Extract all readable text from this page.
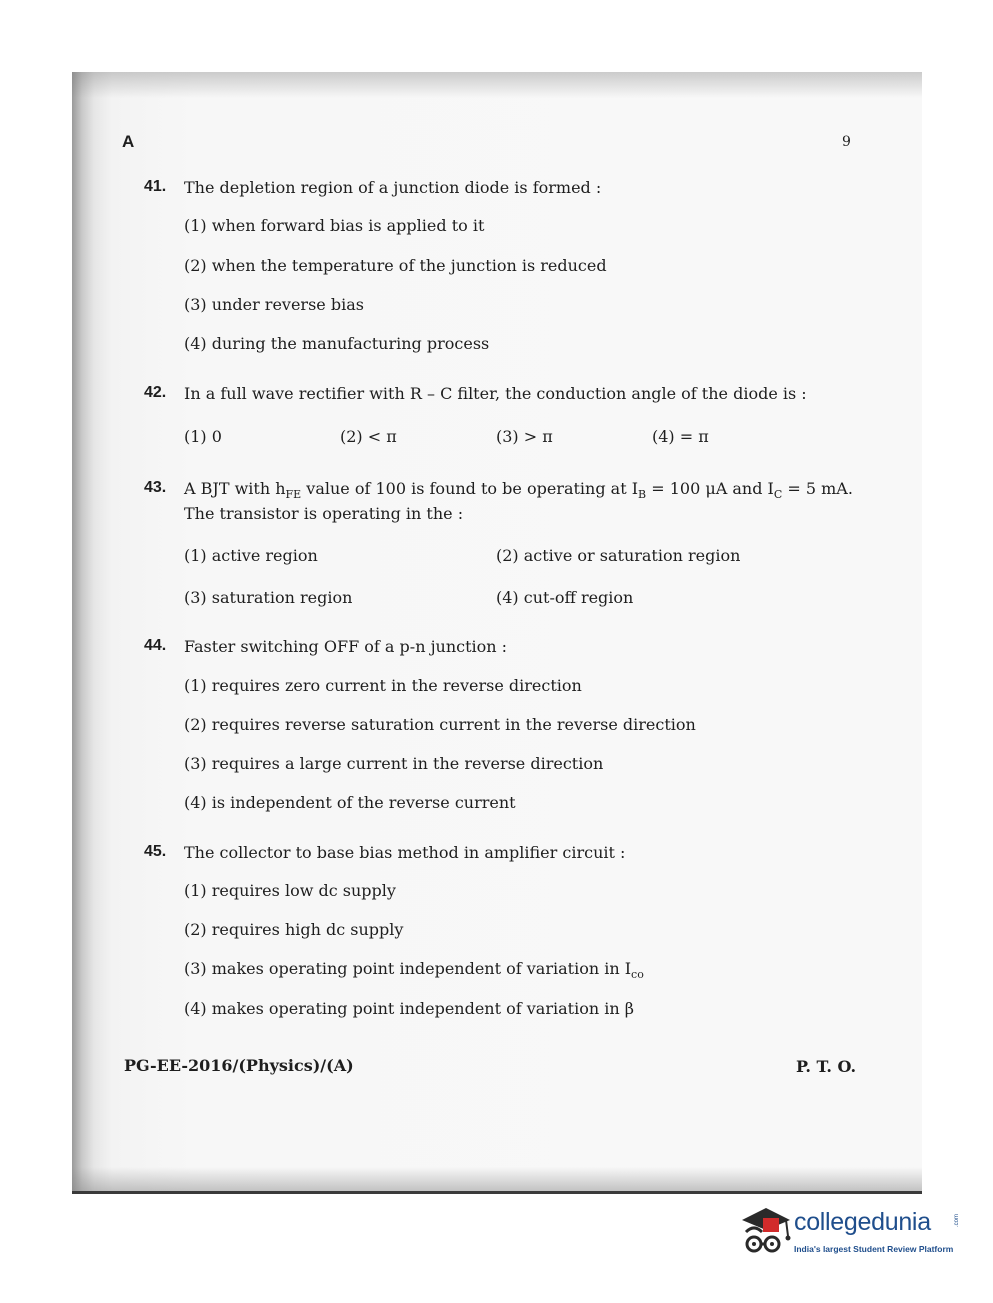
A	9
41. The depletion region of a junction diode is formed :
(1) when forward bias is applied to it
(2) when the temperature of the junction is reduced
(3) under reverse bias
(4) during the manufacturing process
42. In a full wave rectifier with R – C filter, the conduction angle of the diode is :
(1) 0	(2) < π	(3) > π	(4) = π
43. A BJT with $h_{FE}$ value of 100 is found to be operating at $I_B = 100$ μA and $I_C = 5$ mA.
The transistor is operating in the :
(1) active region	(2) active or saturation region
(3) saturation region	(4) cut-off region
44. Faster switching OFF of a p-n junction :
(1) requires zero current in the reverse direction
(2) requires reverse saturation current in the reverse direction
(3) requires a large current in the reverse direction
(4) is independent of the reverse current
45. The collector to base bias method in amplifier circuit :
(1) requires low dc supply
(2) requires high dc supply
(3) makes operating point independent of variation in $I_{co}$
(4) makes operating point independent of variation in β
PG-EE-2016/(Physics)/(A)	P. T. O.
collegedunia	.com
India's largest Student Review Platform
